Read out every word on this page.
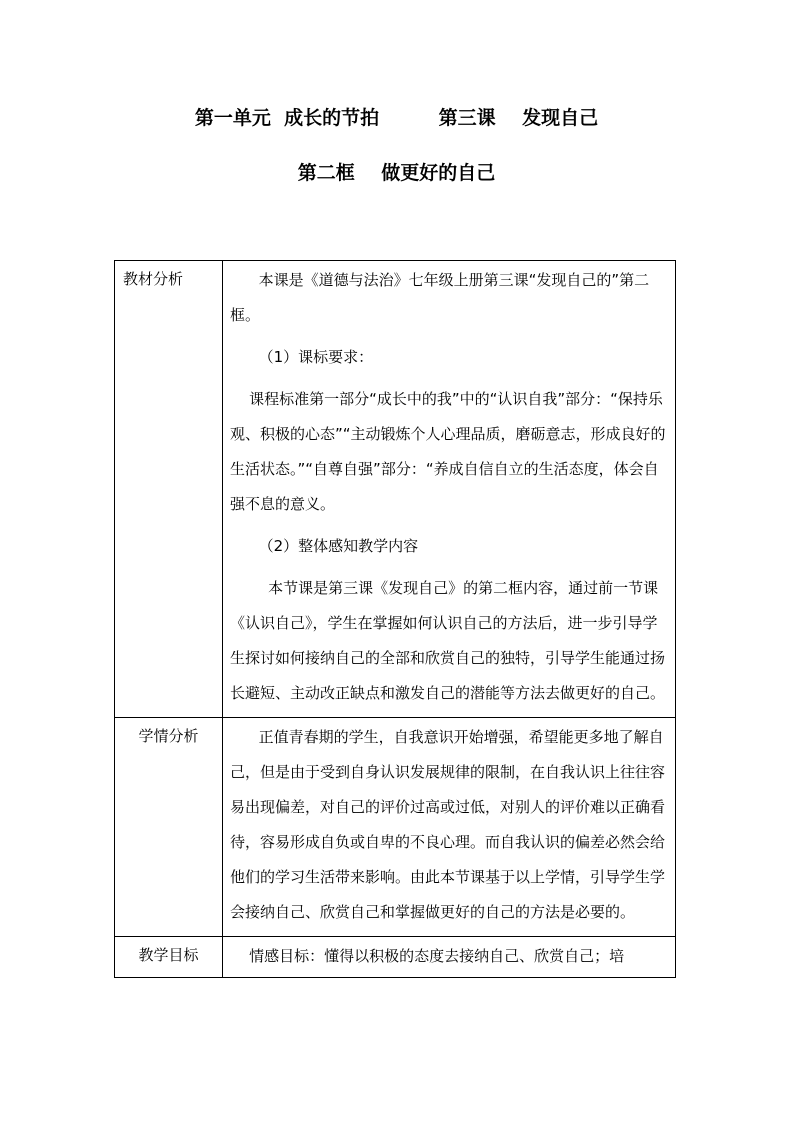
第一单元  成长的节拍         第三课    发现自己
第二框    做更好的自己
教材分析	本课是《道德与法治》七年级上册第三课“发现自己的”第二框。

（1）课标要求：

课程标准第一部分“成长中的我”中的“认识自我”部分：“保持乐观、积极的心态”“主动锻炼个人心理品质，磨砺意志，形成良好的生活状态。”“自尊自强”部分：“养成自信自立的生活态度，体会自强不息的意义。

（2）整体感知教学内容

本节课是第三课《发现自己》的第二框内容，通过前一节课《认识自己》，学生在掌握如何认识自己的方法后，进一步引导学生探讨如何接纳自己的全部和欣赏自己的独特，引导学生能通过扬长避短、主动改正缺点和激发自己的潜能等方法去做更好的自己。

学情分析	正值青春期的学生，自我意识开始增强，希望能更多地了解自己，但是由于受到自身认识发展规律的限制，在自我认识上往往容易出现偏差，对自己的评价过高或过低，对别人的评价难以正确看待，容易形成自负或自卑的不良心理。而自我认识的偏差必然会给他们的学习生活带来影响。由此本节课基于以上学情，引导学生学会接纳自己、欣赏自己和掌握做更好的自己的方法是必要的。

教学目标	情感目标：懂得以积极的态度去接纳自己、欣赏自己；培
